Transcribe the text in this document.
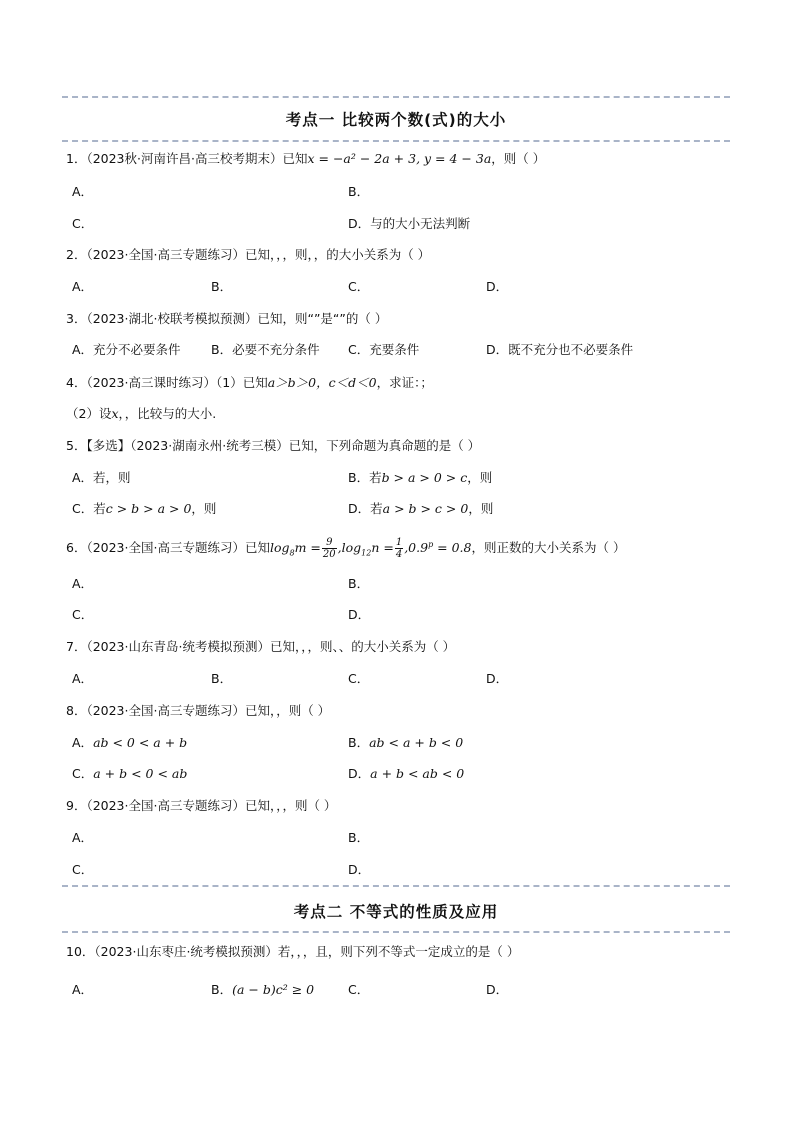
考点一 比较两个数(式)的大小
1．（2023秋·河南许昌·高三校考期末）已知x = −a² − 2a + 3, y = 4 − 3a，则（ ）
A．	B．
C．	D．与的大小无法判断
2．（2023·全国·高三专题练习）已知，，，则，，的大小关系为（ ）
A．	B．	C．	D．
3．（2023·湖北·校联考模拟预测）已知，则“”是“”的（ ）
A．充分不必要条件 B．必要不充分条件 C．充要条件	D．既不充分也不必要条件
4．（2023·高三课时练习）（1）已知a＞b＞0，c＜d＜0，求证：；
（2）设x，，比较与的大小.
5．【多选】（2023·湖南永州·统考三模）已知，下列命题为真命题的是（ ）
A．若，则	B．若b > a > 0 > c，则
C．若c > b > a > 0，则	D．若a > b > c > 0，则
6．（2023·全国·高三专题练习）已知$\log_8m = \frac{9}{20} ,\log_{12}n = \frac{1}{4} ,0.9^p = 0.8$，则正数的大小关系为（ ）
A．	B．
C．	D．
7．（2023·山东青岛·统考模拟预测）已知，，，则、、的大小关系为（ ）
A．	B．	C．	D．
8．（2023·全国·高三专题练习）已知，，则（ ）
A．ab < 0 < a + b	B．ab < a + b < 0
C．a + b < 0 < ab	D．a + b < ab < 0
9．（2023·全国·高三专题练习）已知，，，则（ ）
A．	B．
C．	D．
考点二 不等式的性质及应用
10．（2023·山东枣庄·统考模拟预测）若，，，且，则下列不等式一定成立的是（ ）
A．	B．(a − b)c² ≥ 0	C．	D．
